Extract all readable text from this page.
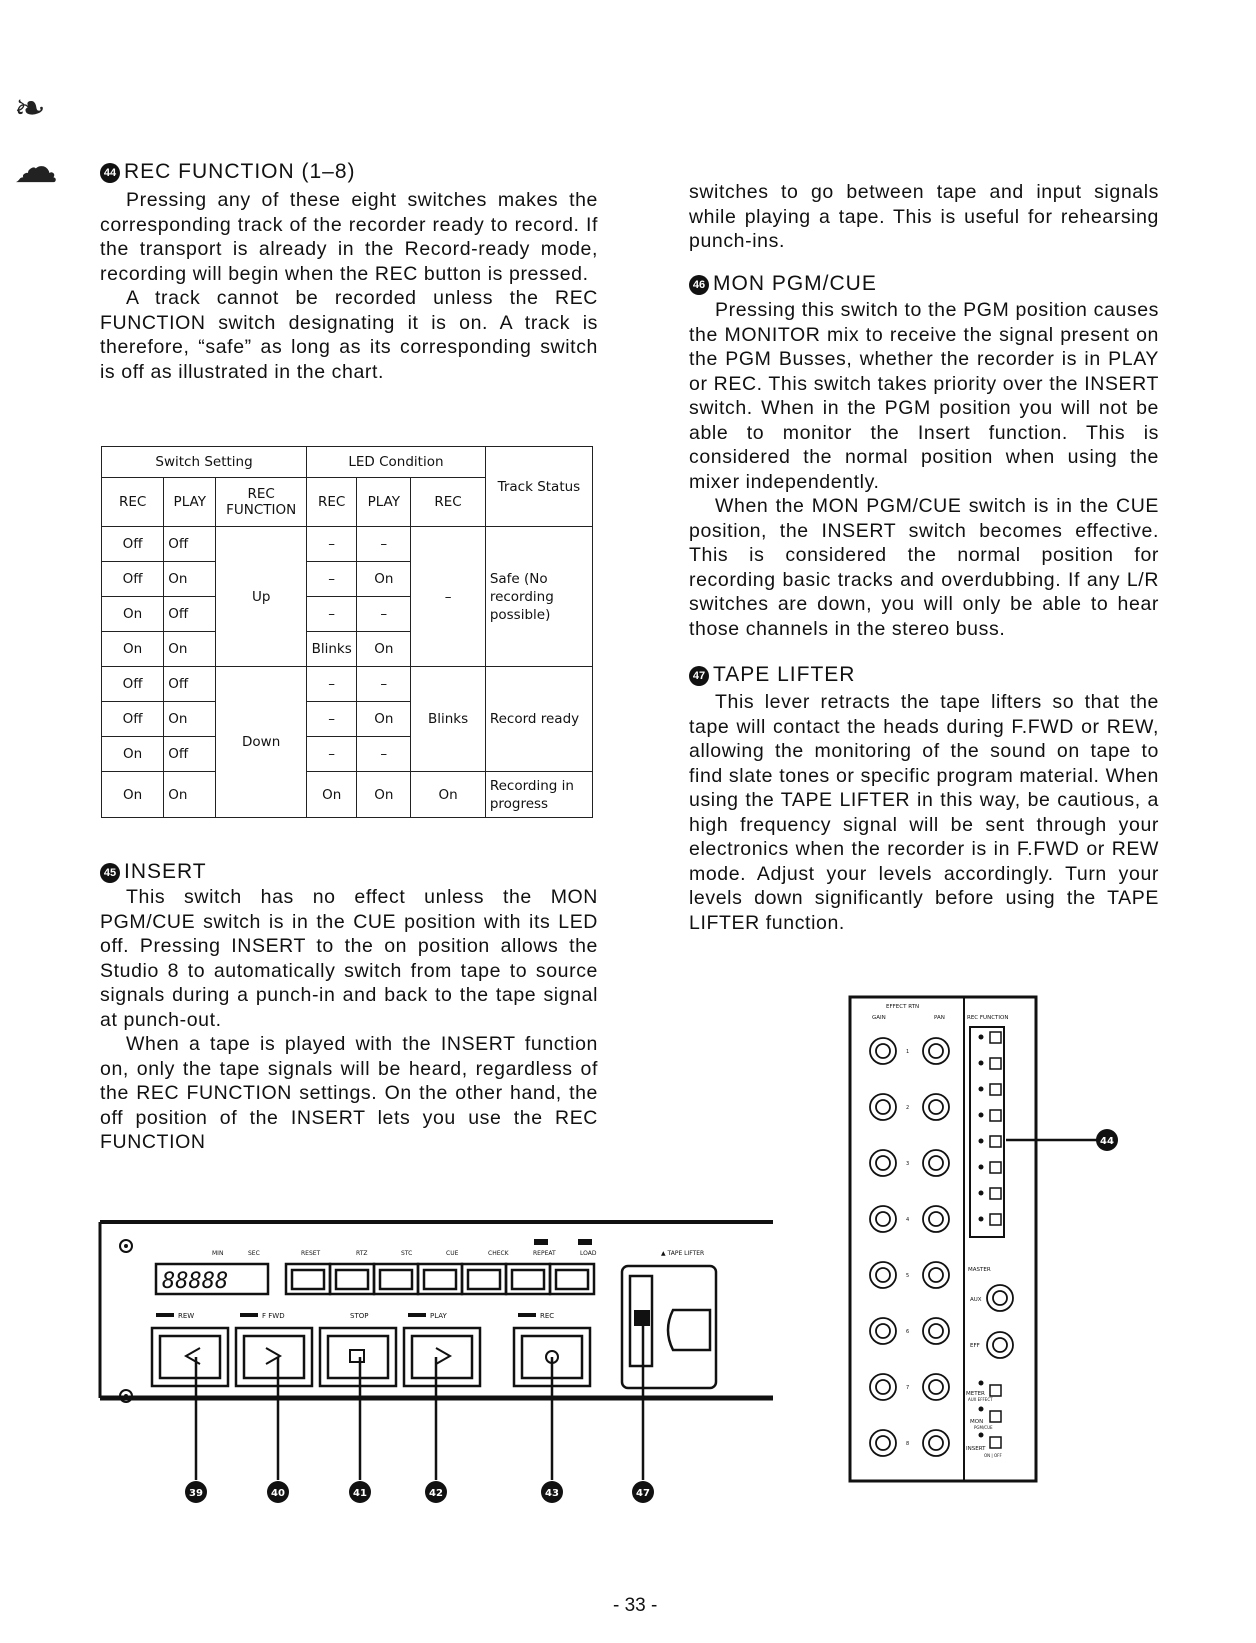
44 REC FUNCTION (1–8)

Pressing any of these eight switches makes the corresponding track of the recorder ready to record. If the transport is already in the Record-ready mode, recording will begin when the REC button is pressed.

A track cannot be recorded unless the REC FUNCTION switch designating it is on. A track is therefore, “safe” as long as its corresponding switch is off as illustrated in the chart.

Switch Setting			LED Condition			Track Status
REC	PLAY	REC FUNCTION	REC	PLAY	REC	
Off	Off	Up	–	–	–	Safe (No recording possible)
Off	On		–	On		
On	Off		–	–		
On	On		Blinks	On		
Off	Off	Down	–	–	Blinks	Record ready
Off	On		–	On		
On	Off		–	–		
On	On		On	On	On	Recording in progress
45 INSERT

This switch has no effect unless the MON PGM/CUE switch is in the CUE position with its LED off. Pressing INSERT to the on position allows the Studio 8 to automatically switch from tape to source signals during a punch-in and back to the tape signal at punch-out.

When a tape is played with the INSERT function on, only the tape signals will be heard, regardless of the REC FUNCTION settings. On the other hand, the off position of the INSERT lets you use the REC FUNCTION

switches to go between tape and input signals while playing a tape. This is useful for rehearsing punch-ins.

46 MON PGM/CUE

Pressing this switch to the PGM position causes the MONITOR mix to receive the signal present on the PGM Busses, whether the recorder is in PLAY or REC. This switch takes priority over the INSERT switch. When in the PGM position you will not be able to monitor the Insert function. This is considered the normal position when using the mixer independently.

When the MON PGM/CUE switch is in the CUE position, the INSERT switch becomes effective. This is considered the normal position for recording basic tracks and overdubbing. If any L/R switches are down, you will only be able to hear those channels in the stereo buss.

47 TAPE LIFTER

This lever retracts the tape lifters so that the tape will contact the heads during F.FWD or REW, allowing the monitoring of the sound on tape to find slate tones or specific program material. When using the TAPE LIFTER in this way, be cautious, a high frequency signal will be sent through your electronics when the recorder is in F.FWD or REW mode. Adjust your levels accordingly. Turn your levels down significantly before using the TAPE LIFTER function.

MIN	SEC	RESET	RTZ	STC	CUE	CHECK	REPEAT	LOAD	▲ TAPE LIFTER
88888
REW	F FWD	STOP	PLAY	REC
39	40	41	42	43	47
EFFECT RTN
GAIN	PAN	REC FUNCTION
MASTER
AUX
EFF
METER
AUX EFFECT
MON
PGM/CUE
INSERT
ON | OFF
1
2
3
4
5
6
7
8
44
❧
☁
- 33 -
